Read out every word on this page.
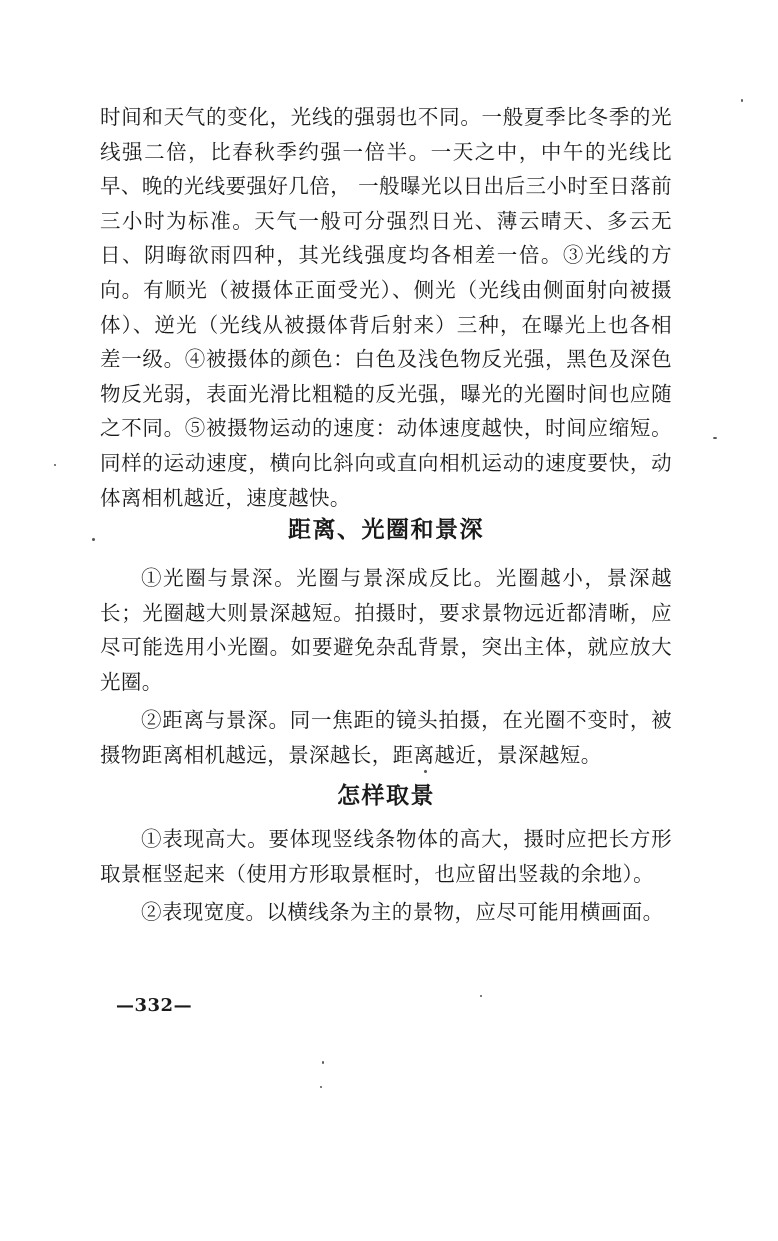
时间和天气的变化，光线的强弱也不同。一般夏季比冬季的光线强二倍，比春秋季约强一倍半。一天之中，中午的光线比早、晚的光线要强好几倍， 一般曝光以日出后三小时至日落前三小时为标准。天气一般可分强烈日光、薄云晴天、多云无日、阴晦欲雨四种，其光线强度均各相差一倍。③光线的方向。有顺光（被摄体正面受光）、侧光（光线由侧面射向被摄体）、逆光（光线从被摄体背后射来）三种，在曝光上也各相差一级。④被摄体的颜色：白色及浅色物反光强，黑色及深色物反光弱，表面光滑比粗糙的反光强，曝光的光圈时间也应随之不同。⑤被摄物运动的速度：动体速度越快，时间应缩短。同样的运动速度，横向比斜向或直向相机运动的速度要快，动体离相机越近，速度越快。

距离、光圈和景深

①光圈与景深。光圈与景深成反比。光圈越小，景深越长；光圈越大则景深越短。拍摄时，要求景物远近都清晰，应尽可能选用小光圈。如要避免杂乱背景，突出主体，就应放大光圈。

②距离与景深。同一焦距的镜头拍摄，在光圈不变时，被摄物距离相机越远，景深越长，距离越近，景深越短。

怎样取景

①表现高大。要体现竖线条物体的高大，摄时应把长方形取景框竖起来（使用方形取景框时，也应留出竖裁的余地）。

②表现宽度。以横线条为主的景物，应尽可能用横画面。

—332—
